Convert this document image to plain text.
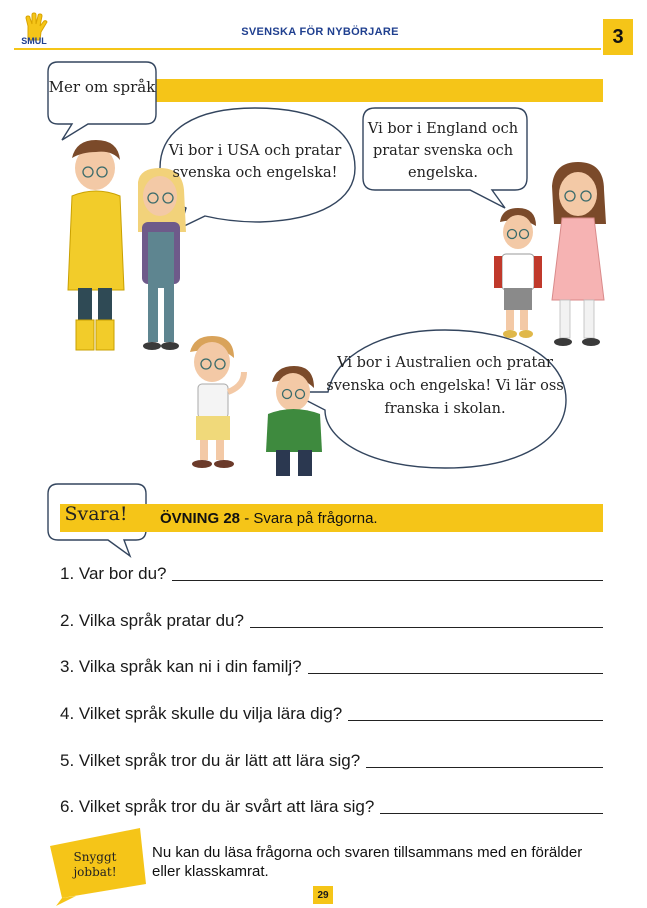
SMUL
SVENSKA FÖR NYBÖRJARE	3
Mer om språk
Vi bor i USA och pratar svenska och engelska!
Vi bor i England och pratar svenska och engelska.
Vi bor i Australien och pratar svenska och engelska! Vi lär oss franska i skolan.
Svara!	ÖVNING 28 - Svara på frågorna.
1. Var bor du?
2. Vilka språk pratar du?
3. Vilka språk kan ni i din familj?
4. Vilket språk skulle du vilja lära dig?
5. Vilket språk tror du är lätt att lära sig?
6. Vilket språk tror du är svårt att lära sig?
Snyggt jobbat!
Nu kan du läsa frågorna och svaren tillsammans med en förälder eller klasskamrat.
29
